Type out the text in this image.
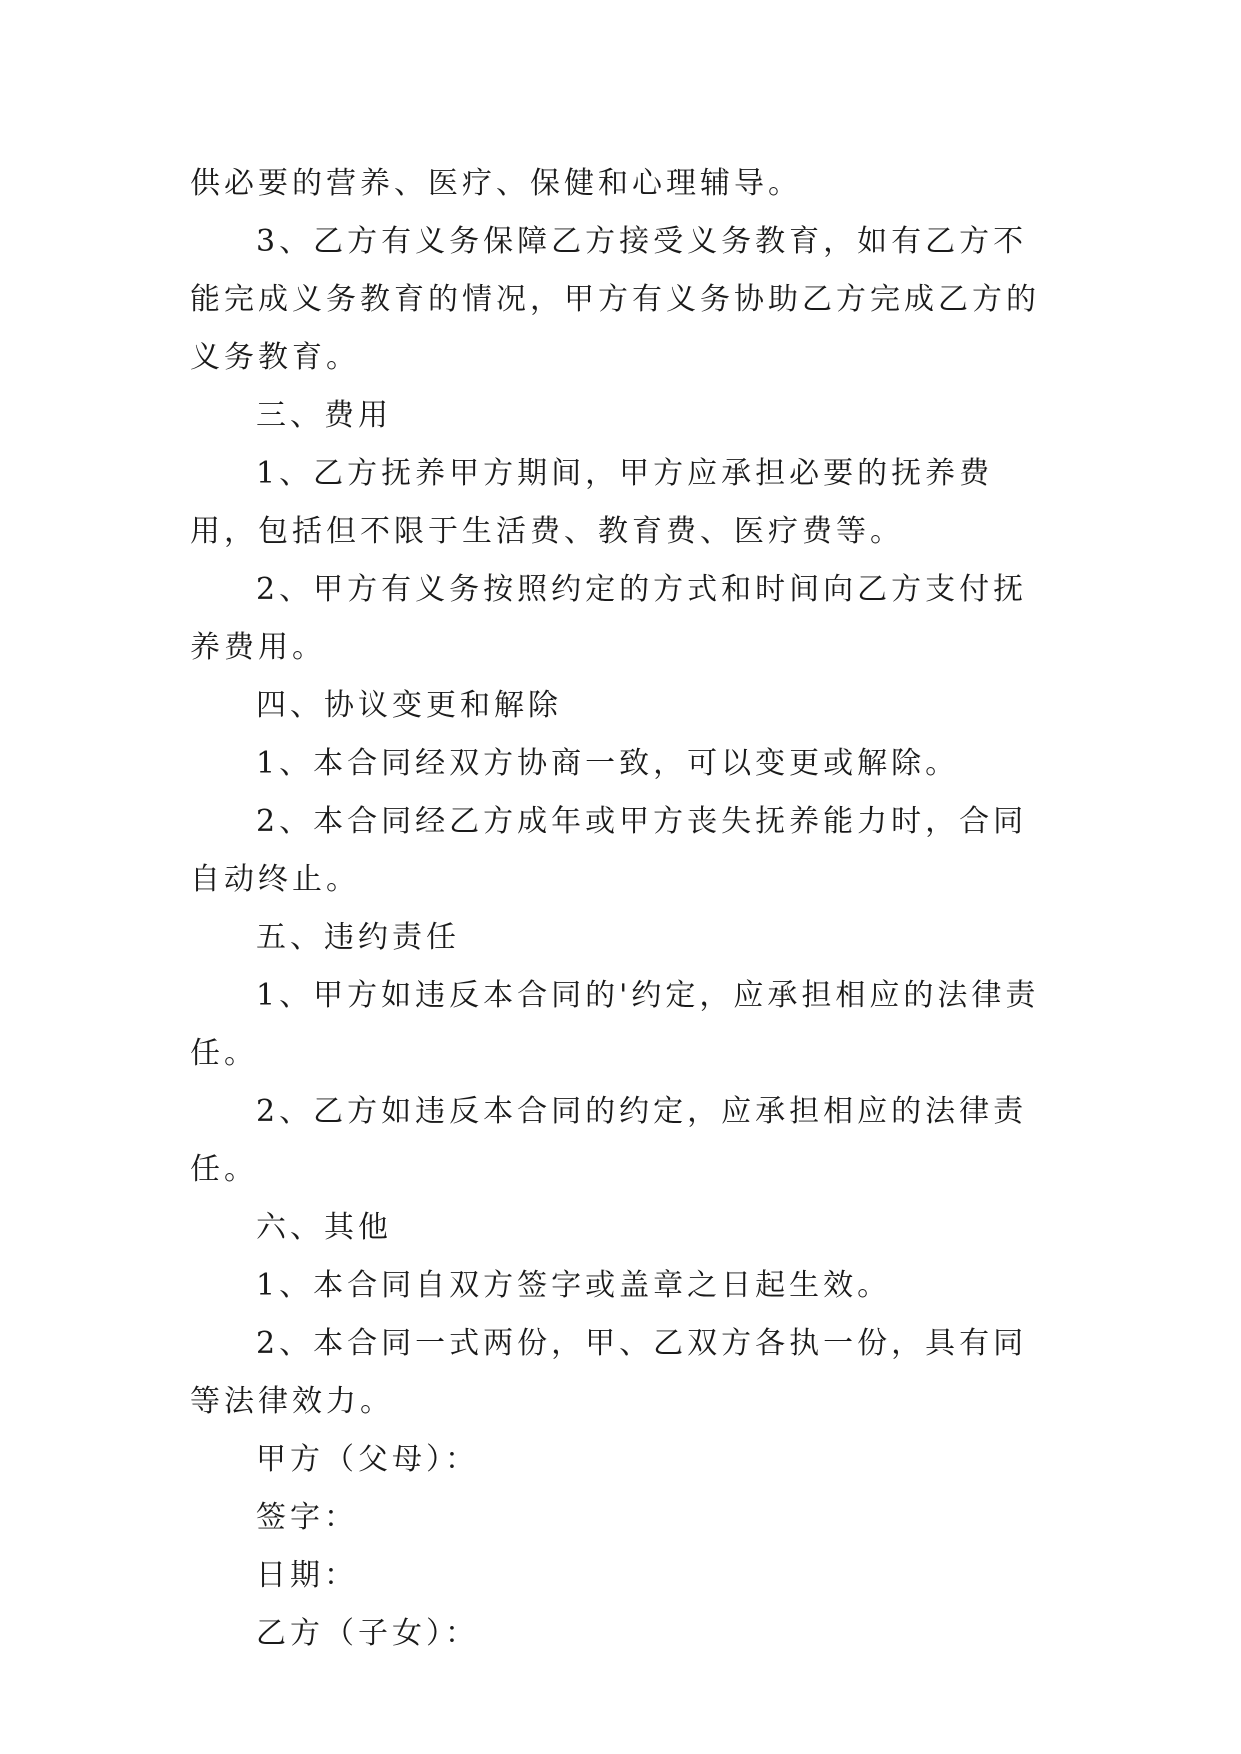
供必要的营养、医疗、保健和心理辅导。

3、乙方有义务保障乙方接受义务教育，如有乙方不能完成义务教育的情况，甲方有义务协助乙方完成乙方的义务教育。

三、费用

1、乙方抚养甲方期间，甲方应承担必要的抚养费用，包括但不限于生活费、教育费、医疗费等。

2、甲方有义务按照约定的方式和时间向乙方支付抚养费用。

四、协议变更和解除

1、本合同经双方协商一致，可以变更或解除。

2、本合同经乙方成年或甲方丧失抚养能力时，合同自动终止。

五、违约责任

1、甲方如违反本合同的'约定，应承担相应的法律责任。

2、乙方如违反本合同的约定，应承担相应的法律责任。

六、其他

1、本合同自双方签字或盖章之日起生效。

2、本合同一式两份，甲、乙双方各执一份，具有同等法律效力。

甲方（父母）：

签字：

日期：

乙方（子女）：
